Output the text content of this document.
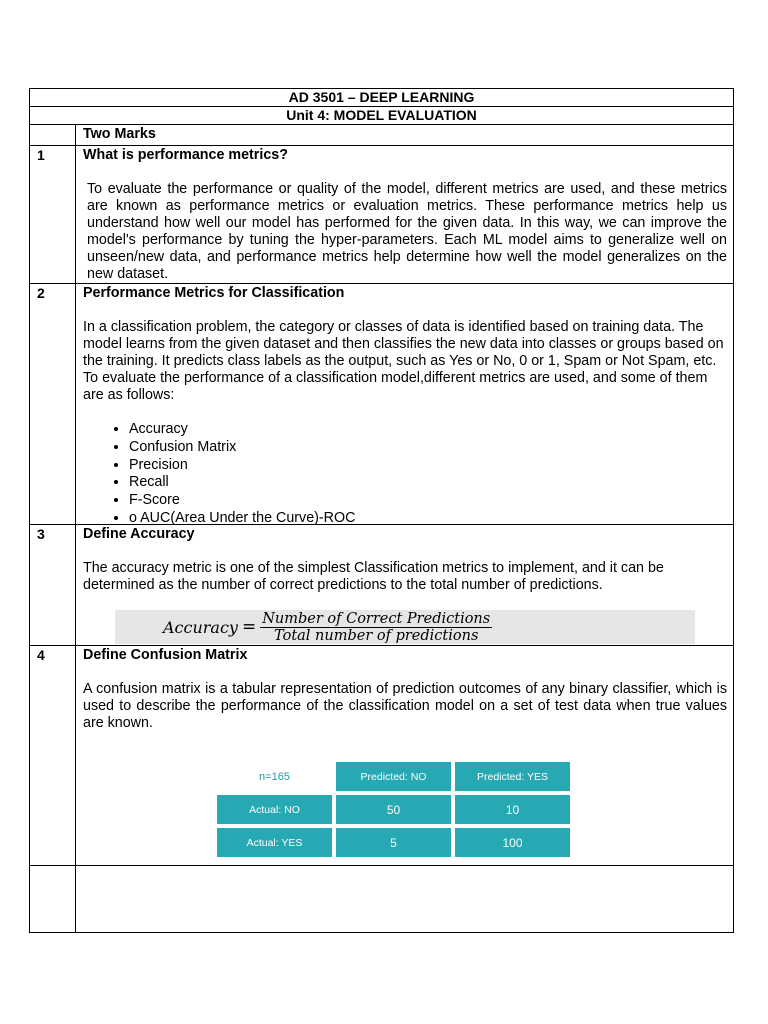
AD 3501 – DEEP LEARNING
Unit 4: MODEL EVALUATION
Two Marks
1	What is performance metrics?

To evaluate the performance or quality of the model, different metrics are used, and these metrics are known as performance metrics or evaluation metrics. These performance metrics help us understand how well our model has performed for the given data. In this way, we can improve the model's performance by tuning the hyper-parameters. Each ML model aims to generalize well on unseen/new data, and performance metrics help determine how well the model generalizes on the new dataset.

2	Performance Metrics for Classification

In a classification problem, the category or classes of data is identified based on training data. The model learns from the given dataset and then classifies the new data into classes or groups based on the training. It predicts class labels as the output, such as Yes or No, 0 or 1, Spam or Not Spam, etc. To evaluate the performance of a classification model,different metrics are used, and some of them are as follows:

• Accuracy
• Confusion Matrix
• Precision
• Recall
• F-Score
• o AUC(Area Under the Curve)-ROC
3	Define Accuracy

The accuracy metric is one of the simplest Classification metrics to implement, and it can be determined as the number of correct predictions to the total number of predictions.

Accuracy = $\frac{\text{Number of Correct Predictions}}{\text{Total number of predictions}}$
4	Define Confusion Matrix

A confusion matrix is a tabular representation of prediction outcomes of any binary classifier, which is used to describe the performance of the classification model on a set of test data when true values are known.

n=165	Predicted: NO	Predicted: YES
Actual: NO	50	10
Actual: YES	5	100
